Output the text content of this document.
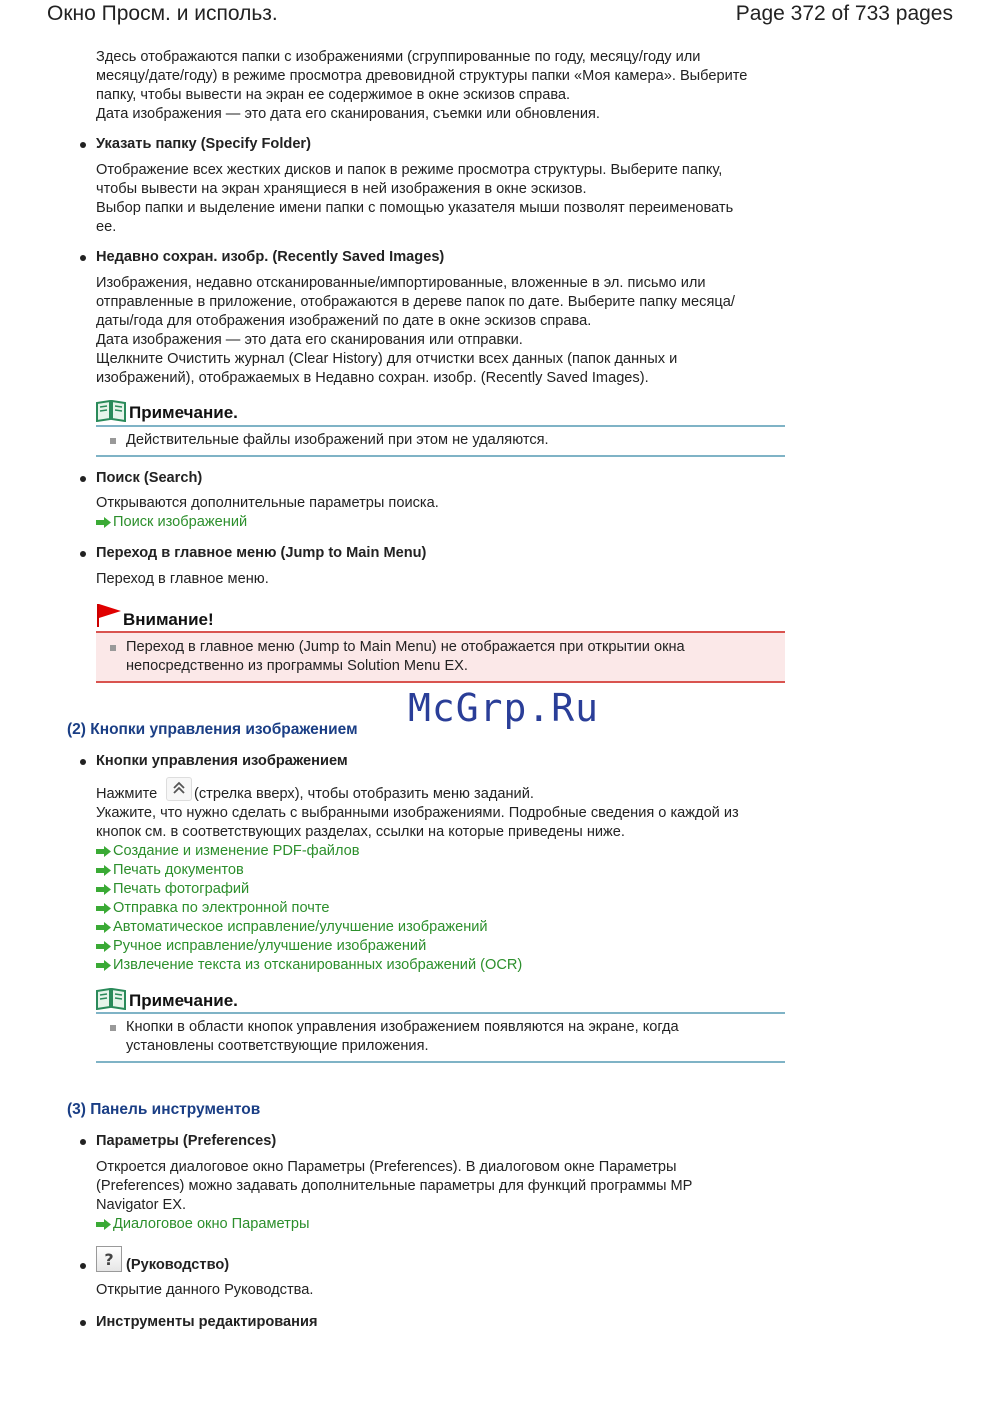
Окно Просм. и использ.	Page 372 of 733 pages
Здесь отображаются папки с изображениями (сгруппированные по году, месяцу/году или
месяцу/дате/году) в режиме просмотра древовидной структуры папки «Моя камера». Выберите
папку, чтобы вывести на экран ее содержимое в окне эскизов справа.
Дата изображения — это дата его сканирования, съемки или обновления.
Указать папку (Specify Folder)
Отображение всех жестких дисков и папок в режиме просмотра структуры. Выберите папку,
чтобы вывести на экран хранящиеся в ней изображения в окне эскизов.
Выбор папки и выделение имени папки с помощью указателя мыши позволят переименовать
ее.
Недавно сохран. изобр. (Recently Saved Images)
Изображения, недавно отсканированные/импортированные, вложенные в эл. письмо или
отправленные в приложение, отображаются в дереве папок по дате. Выберите папку месяца/
даты/года для отображения изображений по дате в окне эскизов справа.
Дата изображения — это дата его сканирования или отправки.
Щелкните Очистить журнал (Clear History) для отчистки всех данных (папок данных и
изображений), отображаемых в Недавно сохран. изобр. (Recently Saved Images).
Примечание.
Действительные файлы изображений при этом не удаляются.
Поиск (Search)
Открываются дополнительные параметры поиска.
Поиск изображений
Переход в главное меню (Jump to Main Menu)
Переход в главное меню.
Внимание!
Переход в главное меню (Jump to Main Menu) не отображается при открытии окна
непосредственно из программы Solution Menu EX.
McGrp.Ru
(2) Кнопки управления изображением
Кнопки управления изображением
Нажмите	(стрелка вверх), чтобы отобразить меню заданий.
Укажите, что нужно сделать с выбранными изображениями. Подробные сведения о каждой из
кнопок см. в соответствующих разделах, ссылки на которые приведены ниже.
Создание и изменение PDF-файлов
Печать документов
Печать фотографий
Отправка по электронной почте
Автоматическое исправление/улучшение изображений
Ручное исправление/улучшение изображений
Извлечение текста из отсканированных изображений (OCR)
Примечание.
Кнопки в области кнопок управления изображением появляются на экране, когда
установлены соответствующие приложения.
(3) Панель инструментов
Параметры (Preferences)
Откроется диалоговое окно Параметры (Preferences). В диалоговом окне Параметры
(Preferences) можно задавать дополнительные параметры для функций программы MP
Navigator EX.
Диалоговое окно Параметры
? (Руководство)
Открытие данного Руководства.
Инструменты редактирования
